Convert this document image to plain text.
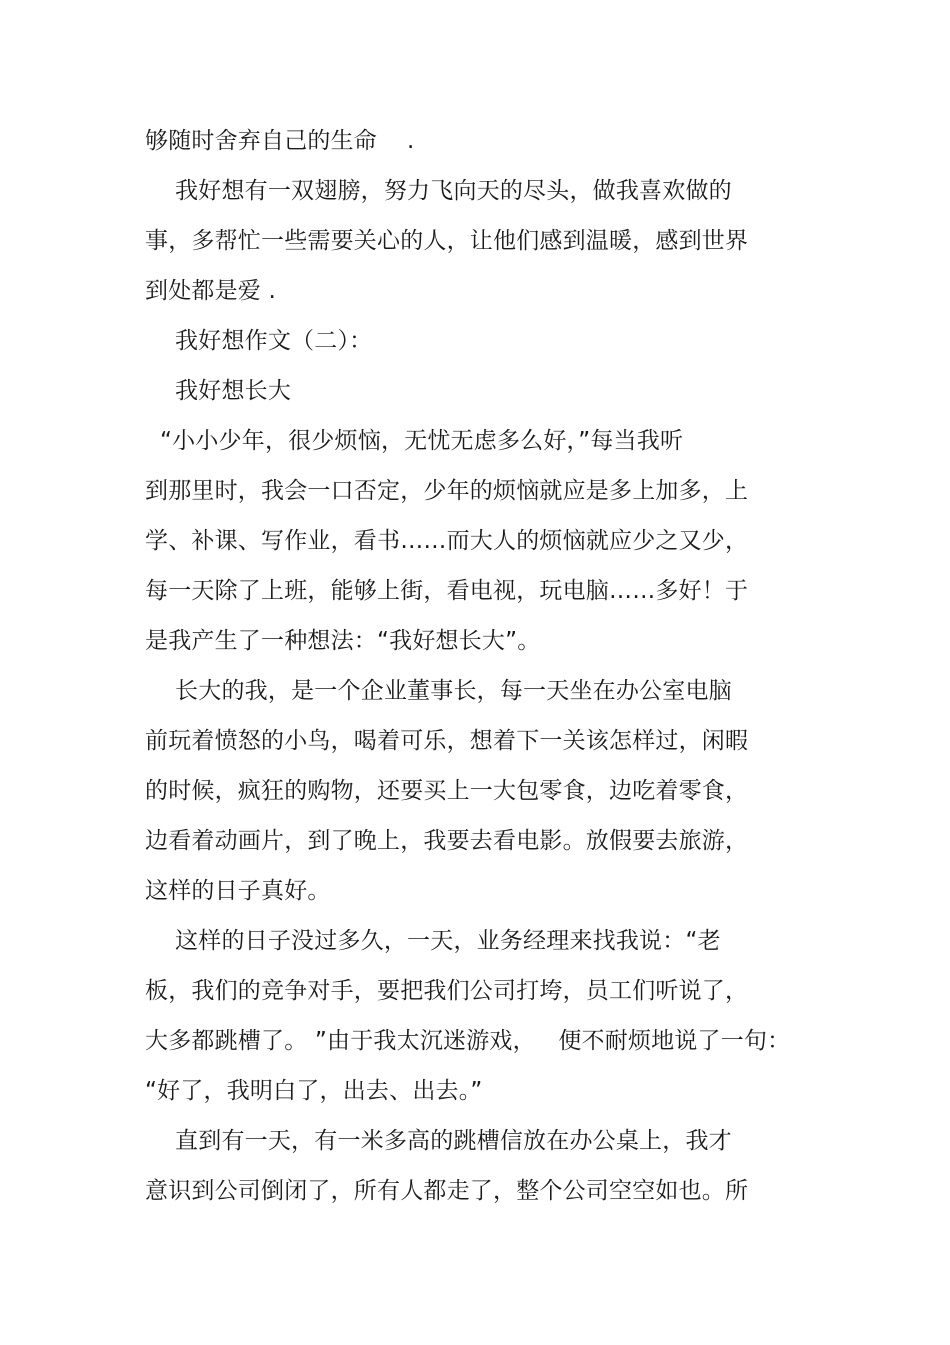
够随时舍弃自己的生命    .
我好想有一双翅膀，努力飞向天的尽头，做我喜欢做的
事，多帮忙一些需要关心的人，让他们感到温暖，感到世界
到处都是爱 .
我好想作文（二）：
我好想长大
“小小少年，很少烦恼，无忧无虑多么好，”每当我听
到那里时，我会一口否定，少年的烦恼就应是多上加多，上
学、补课、写作业，看书……而大人的烦恼就应少之又少，
每一天除了上班，能够上街，看电视，玩电脑……多好！于
是我产生了一种想法：“我好想长大”。
长大的我，是一个企业董事长，每一天坐在办公室电脑
前玩着愤怒的小鸟，喝着可乐，想着下一关该怎样过，闲暇
的时候，疯狂的购物，还要买上一大包零食，边吃着零食，
边看着动画片，到了晚上，我要去看电影。放假要去旅游，
这样的日子真好。
这样的日子没过多久，一天，业务经理来找我说：“老
板，我们的竞争对手，要把我们公司打垮，员工们听说了，
大多都跳槽了。 ”由于我太沉迷游戏，   便不耐烦地说了一句：
“好了，我明白了，出去、出去。”
直到有一天，有一米多高的跳槽信放在办公桌上，我才
意识到公司倒闭了，所有人都走了，整个公司空空如也。所
